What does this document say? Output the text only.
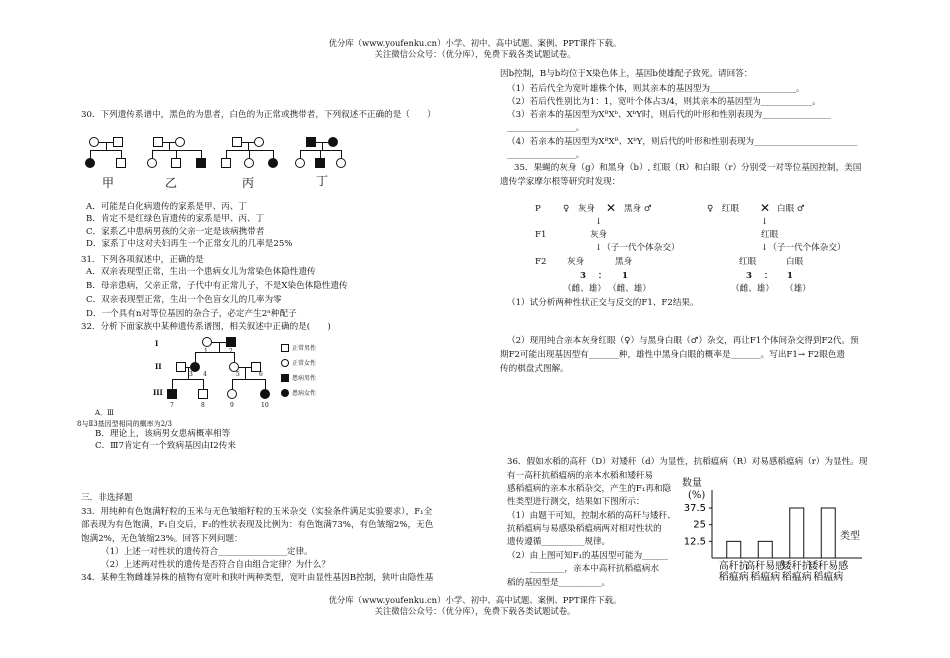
优分库（www.youfenku.cn）小学、初中、高中试题、案例、PPT课件下载。
关注微信公众号：（优分库），免费下载各类试题试卷。
30．下列遗传系谱中，黑色的为患者，白色的为正常或携带者，下列叙述不正确的是（　　）
甲	乙	丙	丁
A．可能是白化病遗传的家系是甲、丙、丁
B．肯定不是红绿色盲遗传的家系是甲、丙、丁
C．家系乙中患病男孩的父亲一定是该病携带者
D．家系丁中这对夫妇再生一个正常女儿的几率是25%
31．下列各项叙述中，正确的是
A．双亲表现型正常，生出一个患病女儿为常染色体隐性遗传
B．母亲患病，父亲正常，子代中有正常儿子，不是X染色体隐性遗传
C．双亲表现型正常，生出一个色盲女儿的几率为零
D．一个具有n对等位基因的杂合子，必定产生2ⁿ种配子
32．分析下面家族中某种遗传系谱图，相关叙述中正确的是(　　)
I
II
III
3 4	5	6
7	8	9	10
正常男性
正常女性
患病男性
患病女性
A．Ⅲ
8与Ⅱ3基因型相同的概率为2/3
B．理论上，该病男女患病概率相等
C．Ⅲ7肯定有一个致病基因由Ⅰ2传来
三．非选择题
33．用纯种有色饱满籽粒的玉米与无色皱缩籽粒的玉米杂交（实验条件满足实验要求），F₁全
部表现为有色饱满，F₁自交后，F₂的性状表现及比例为：有色饱满73%，有色皱缩2%，无色
饱满2%，无色皱缩23%。回答下列问题：
（1）上述一对性状的遗传符合________________定律。
（2）上述两对性状的遗传是否符合自由组合定律？为什么？
34．某种生物雌雄异株的植物有宽叶和狭叶两种类型，宽叶由显性基因B控制，狭叶由隐性基
因b控制，B与b均位于X染色体上，基因b使雄配子致死。请回答：
（1）若后代全为宽叶雄株个体，则其亲本的基因型为____________________。
（2）若后代性别比为1：1，宽叶个体占3/4，则其亲本的基因型为____________。
（3）若亲本的基因型为XᴮXᵇ、XᵇY时，则后代的叶形和性别表现为________________
________________。
（4）若亲本的基因型为XᴮXᴮ、XᵇY，则后代的叶形和性别表现为________________________
________________。
35．果蝇的灰身（g）和黑身（b）, 红眼（R）和白眼（r）分别受一对等位基因控制，美国
遗传学家摩尔根等研究时发现：
P	♀　灰身 ✕ 黑身 ♂
↓
F1	灰身
↓（子一代个体杂交）
F2 灰身	黑身
3 ： 1
（雌、雄） （雌、雄）
♀　红眼 ✕ 白眼 ♂
↓
红眼
↓（子一代个体杂交）
红眼	白眼
3 ： 1
（雌、雄） （雄）
（1）试分析两种性状正交与反交的F1、F2结果。
（2）现用纯合亲本灰身红眼（♀）与黑身白眼（♂）杂交，再让F1个体间杂交得到F2代。预
期F2可能出现基因型有_______种，雄性中黑身白眼的概率是_______。写出F1→ F2眼色遗
传的棋盘式图解。
36．假如水稻的高秆（D）对矮秆（d）为显性，抗稻瘟病（R）对易感稻瘟病（r）为显性。现
有一高秆抗稻瘟病的亲本水稻和矮秆易
感稻瘟病的亲本水稻杂交，产生的F₁再和隐
性类型进行测交，结果如下图所示：
（1）由题干可知，控制水稻的高秆与矮秆、
抗稻瘟病与易感染稻瘟病两对相对性状的
遗传遵循__________规律。
（2）由上图可知F₁的基因型可能为______
________，亲本中高秆抗稻瘟病水
稻的基因型是__________。
数量
(%)
类型
37.5
25
12.5
高秆抗稻瘟病
高秆易感稻瘟病
矮秆抗稻瘟病
矮秆易感稻瘟病
优分库（www.youfenku.cn）小学、初中、高中试题、案例、PPT课件下载。
关注微信公众号：（优分库），免费下载各类试题试卷。
